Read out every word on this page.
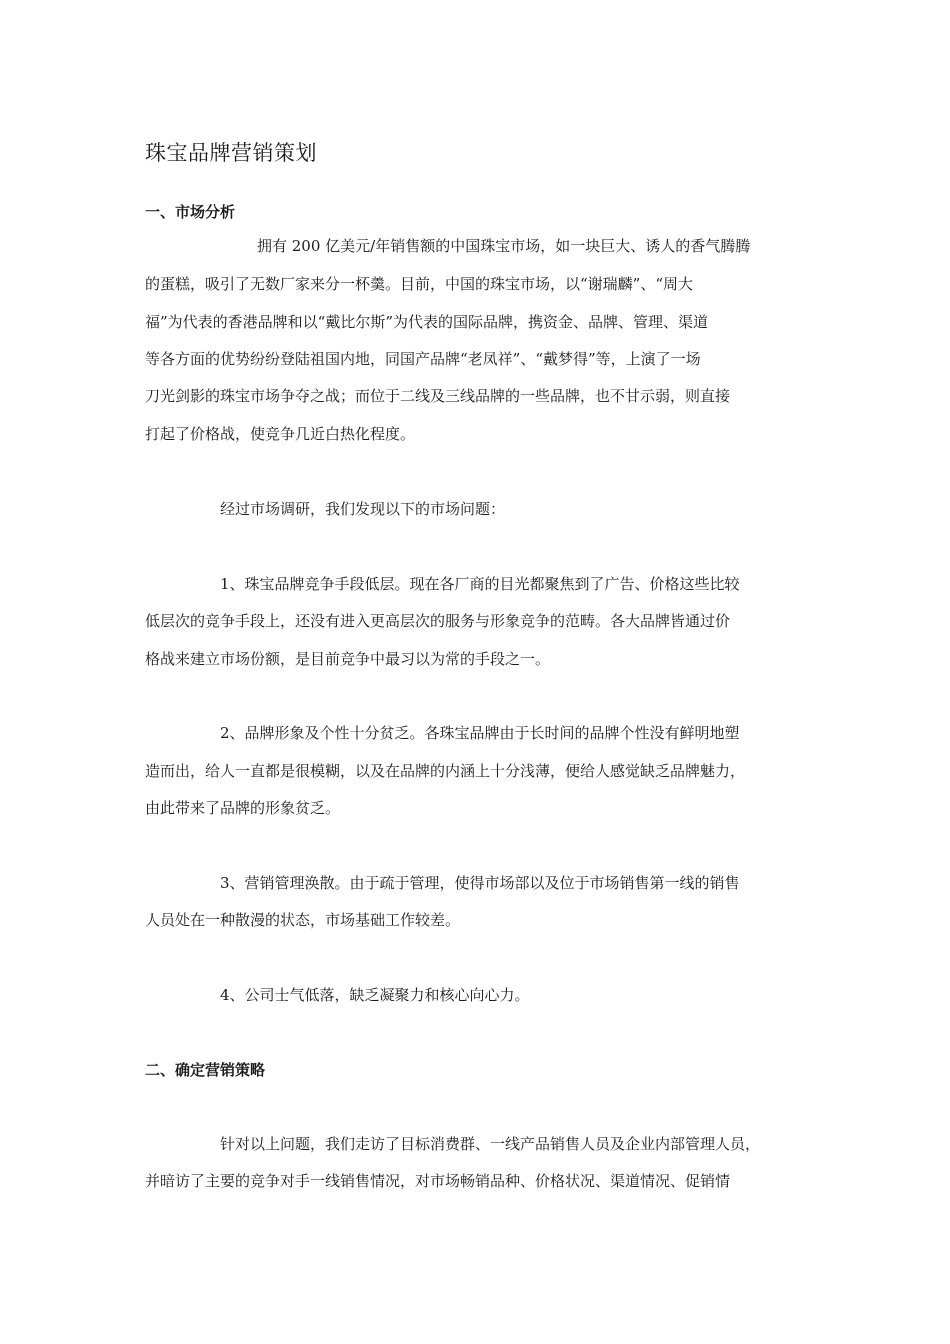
珠宝品牌营销策划
一、市场分析

拥有 200 亿美元/年销售额的中国珠宝市场，如一块巨大、诱人的香气腾腾

的蛋糕，吸引了无数厂家来分一杯羹。目前，中国的珠宝市场，以“谢瑞麟”、“周大

福”为代表的香港品牌和以“戴比尔斯”为代表的国际品牌，携资金、品牌、管理、渠道

等各方面的优势纷纷登陆祖国内地，同国产品牌“老凤祥”、“戴梦得”等，上演了一场

刀光剑影的珠宝市场争夺之战；而位于二线及三线品牌的一些品牌，也不甘示弱，则直接

打起了价格战，使竞争几近白热化程度。

经过市场调研，我们发现以下的市场问题：

1、珠宝品牌竞争手段低层。现在各厂商的目光都聚焦到了广告、价格这些比较

低层次的竞争手段上，还没有进入更高层次的服务与形象竞争的范畴。各大品牌皆通过价

格战来建立市场份额，是目前竞争中最习以为常的手段之一。

2、品牌形象及个性十分贫乏。各珠宝品牌由于长时间的品牌个性没有鲜明地塑

造而出，给人一直都是很模糊，以及在品牌的内涵上十分浅薄，便给人感觉缺乏品牌魅力，

由此带来了品牌的形象贫乏。

3、营销管理涣散。由于疏于管理，使得市场部以及位于市场销售第一线的销售

人员处在一种散漫的状态，市场基础工作较差。

4、公司士气低落，缺乏凝聚力和核心向心力。

二、确定营销策略

针对以上问题，我们走访了目标消费群、一线产品销售人员及企业内部管理人员，

并暗访了主要的竞争对手一线销售情况，对市场畅销品种、价格状况、渠道情况、促销情
